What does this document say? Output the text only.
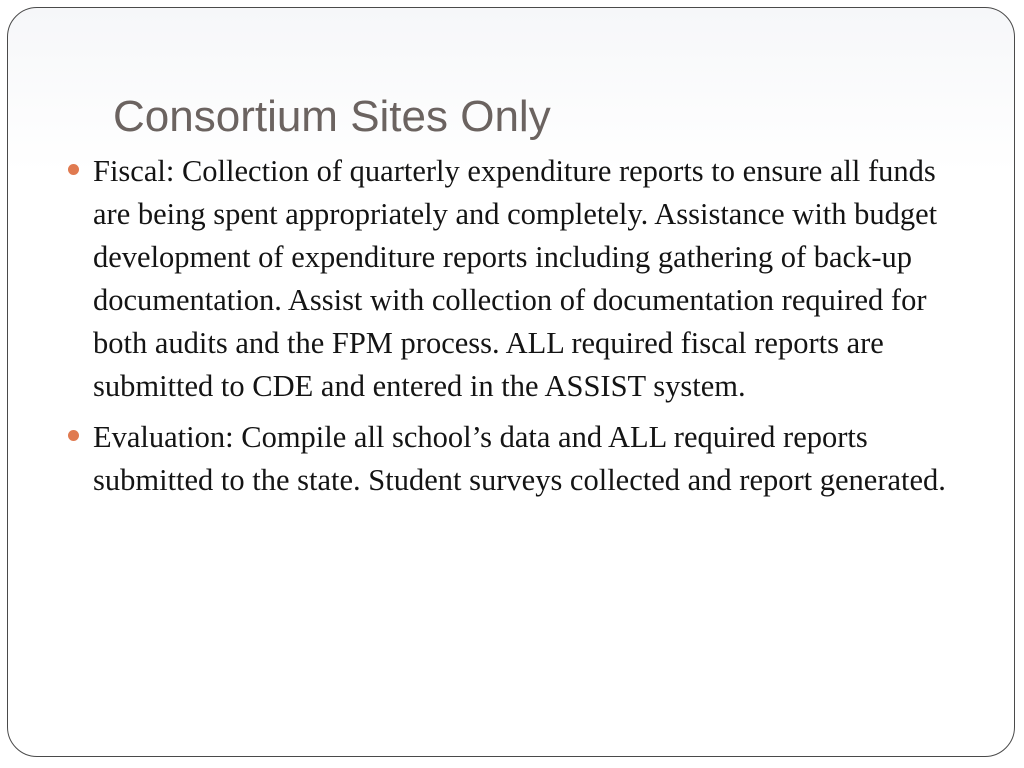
Consortium Sites Only
Fiscal: Collection of quarterly expenditure reports to ensure all funds are being spent appropriately and completely. Assistance with budget development of expenditure reports including gathering of back-up documentation. Assist with collection of documentation required for both audits and the FPM process. ALL required fiscal reports are submitted to CDE and entered in the ASSIST system.
Evaluation: Compile all school’s data and ALL required reports submitted to the state. Student surveys collected and report generated.
